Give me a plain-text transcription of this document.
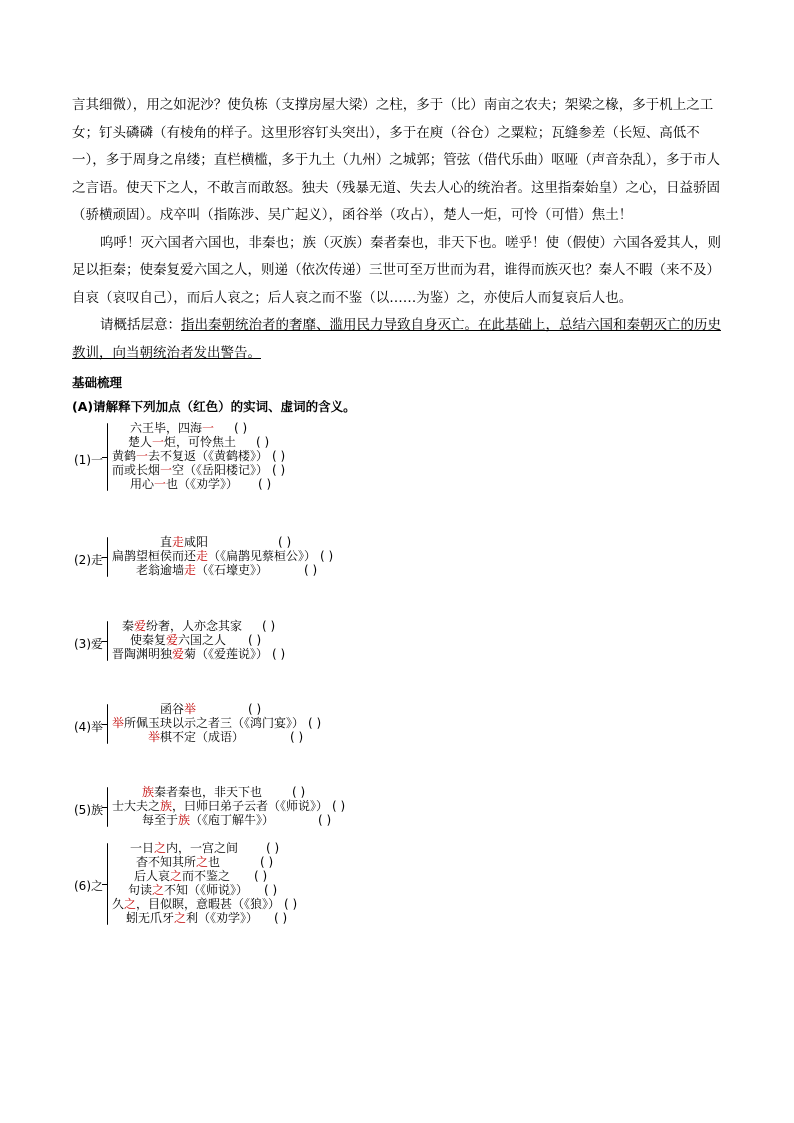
言其细微），用之如泥沙？使负栋（支撑房屋大梁）之柱，多于（比）南亩之农夫；架梁之椽，多于机上之工女；钉头磷磷（有棱角的样子。这里形容钉头突出），多于在庾（谷仓）之粟粒；瓦缝参差（长短、高低不一），多于周身之帛缕；直栏横槛，多于九土（九州）之城郭；管弦（借代乐曲）呕哑（声音杂乱），多于市人之言语。使天下之人，不敢言而敢怒。独夫（残暴无道、失去人心的统治者。这里指秦始皇）之心，日益骄固（骄横顽固）。戍卒叫（指陈涉、吴广起义），函谷举（攻占），楚人一炬，可怜（可惜）焦土！

呜呼！灭六国者六国也，非秦也；族（灭族）秦者秦也，非天下也。嗟乎！使（假使）六国各爱其人，则足以拒秦；使秦复爱六国之人，则递（依次传递）三世可至万世而为君，谁得而族灭也？秦人不暇（来不及）自哀（哀叹自己），而后人哀之；后人哀之而不鉴（以……为鉴）之，亦使后人而复哀后人也。

请概括层意：指出秦朝统治者的奢靡、滥用民力导致自身灭亡。在此基础上，总结六国和秦朝灭亡的历史教训，向当朝统治者发出警告。

基础梳理
(A)请解释下列加点（红色）的实词、虚词的含义。
(1)一
六王毕，四海一 ( )
楚人一炬，可怜焦土 ( )
黄鹤一去不复返（《黄鹤楼》） ( )
而或长烟一空（《岳阳楼记》） ( )
用心一也（《劝学》） ( )
(2)走
直走咸阳	( )
扁鹊望桓侯而还走（《扁鹊见蔡桓公》） ( )
老翁逾墙走（《石壕吏》）	( )
(3)爱
秦爱纷奢，人亦念其家 ( )
使秦复爱六国之人 ( )
晋陶渊明独爱菊（《爱莲说》） ( )
(4)举
函谷举	( )
举所佩玉玦以示之者三（《鸿门宴》） ( )
举棋不定（成语）	( )
(5)族
族秦者秦也，非天下也	( )
士大夫之族，曰师曰弟子云者（《师说》） ( )
每至于族（《庖丁解牛》）	( )
(6)之
一日之内，一宫之间 ( )
杳不知其所之也	( )
后人哀之而不鉴之 ( )
句读之不知（《师说》） ( )
久之，目似瞑，意暇甚（《狼》） ( )
蚓无爪牙之利（《劝学》） ( )
